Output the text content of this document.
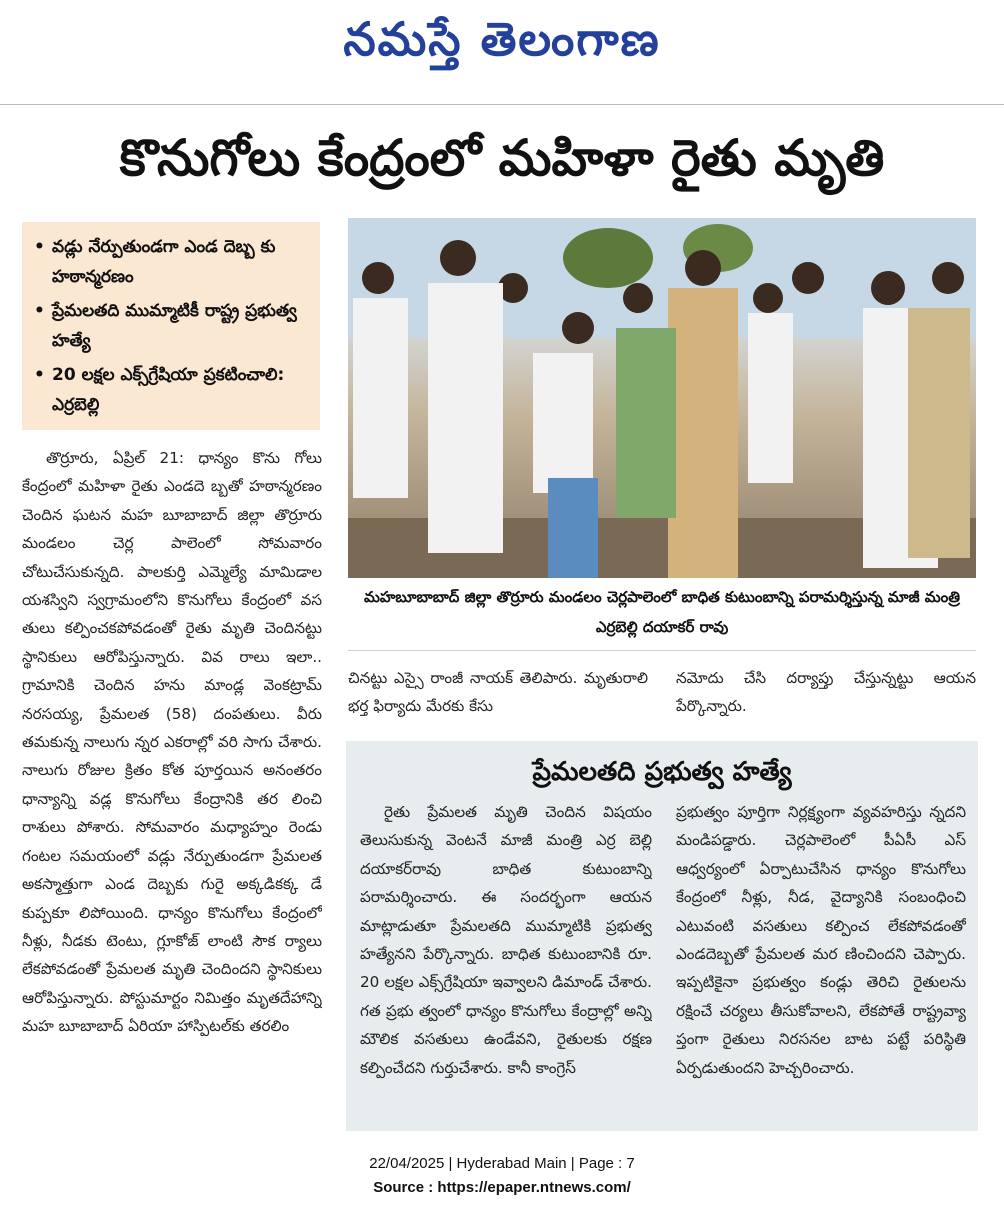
నమస్తే తెలంగాణ
కొనుగోలు కేంద్రంలో మహిళా రైతు మృతి
• వడ్లు నేర్పుతుండగా ఎండ దెబ్బ కు హఠాన్మరణం
• ప్రేమలతది ముమ్మాటికీ రాష్ట్ర ప్రభుత్వ హత్యే
• 20 లక్షల ఎక్స్‌గ్రేషియా ప్రకటించాలి: ఎర్రబెల్లి

తొర్రూరు, ఏప్రిల్ 21: ధాన్యం కొను గోలు కేంద్రంలో మహిళా రైతు ఎండదె బ్బతో హఠాన్మరణం చెందిన ఘటన మహ బూబాబాద్ జిల్లా తొర్రూరు మండలం చెర్ల పాలెంలో సోమవారం చోటుచేసుకున్నది. పాలకుర్తి ఎమ్మెల్యే మామిడాల యశస్విని స్వగ్రామంలోని కొనుగోలు కేంద్రంలో వస తులు కల్పించకపోవడంతో రైతు మృతి చెందినట్టు స్థానికులు ఆరోపిస్తున్నారు. వివ రాలు ఇలా.. గ్రామానికి చెందిన హను మాండ్ల వెంకట్రామ్ నరసయ్య, ప్రేమలత (58) దంపతులు. వీరు తమకున్న నాలుగు న్నర ఎకరాల్లో వరి సాగు చేశారు. నాలుగు రోజుల క్రితం కోత పూర్తయిన అనంతరం ధాన్యాన్ని వడ్ల కొనుగోలు కేంద్రానికి తర లించి రాశులు పోశారు. సోమవారం మధ్యాహ్నం రెండు గంటల సమయంలో వడ్లు నేర్పుతుండగా ప్రేమలత అకస్మాత్తుగా ఎండ దెబ్బకు గురై అక్కడికక్క డే కుప్పకూ లిపోయింది. ధాన్యం కొనుగోలు కేంద్రంలో నీళ్లు, నీడకు టెంటు, గ్లూకోజ్ లాంటి సౌక ర్యాలు లేకపోవడంతో ప్రేమలత మృతి చెందిందని స్థానికులు ఆరోపిస్తున్నారు. పోస్టుమార్టం నిమిత్తం మృతదేహాన్ని మహ బూబాబాద్ ఏరియా హాస్పిటల్‌కు తరలిం

మహబూబాబాద్ జిల్లా తొర్రూరు మండలం చెర్లపాలెంలో బాధిత కుటుంబాన్ని పరామర్శిస్తున్న మాజీ మంత్రి ఎర్రబెల్లి దయాకర్ రావు

చినట్టు ఎస్సై రాంజీ నాయక్ తెలిపారు. మృతురాలి భర్త ఫిర్యాదు మేరకు కేసు

నమోదు చేసి దర్యాప్తు చేస్తున్నట్టు ఆయన పేర్కొన్నారు.

ప్రేమలతది ప్రభుత్వ హత్యే

రైతు ప్రేమలత మృతి చెందిన విషయం తెలుసుకున్న వెంటనే మాజీ మంత్రి ఎర్ర బెల్లి దయాకర్‌రావు బాధిత కుటుంబాన్ని పరామర్శించారు. ఈ సందర్భంగా ఆయన మాట్లాడుతూ ప్రేమలతది ముమ్మాటికి ప్రభుత్వ హత్యేనని పేర్కొన్నారు. బాధిత కుటుంబానికి రూ. 20 లక్షల ఎక్స్‌గ్రేషియా ఇవ్వాలని డిమాండ్ చేశారు. గత ప్రభు త్వంలో ధాన్యం కొనుగోలు కేంద్రాల్లో అన్ని మౌలిక వసతులు ఉండేవని, రైతులకు రక్షణ కల్పించేదని గుర్తుచేశారు. కానీ కాంగ్రెస్

ప్రభుత్వం పూర్తిగా నిర్లక్ష్యంగా వ్యవహరిస్తు న్నదని మండిపడ్డారు. చెర్లపాలెంలో పీఏసీ ఎస్ ఆధ్వర్యంలో ఏర్పాటుచేసిన ధాన్యం కొనుగోలు కేంద్రంలో నీళ్లు, నీడ, వైద్యానికి సంబంధించి ఎటువంటి వసతులు కల్పించ లేకపోవడంతో ఎండదెబ్బతో ప్రేమలత మర ణించిందని చెప్పారు. ఇప్పటికైనా ప్రభుత్వం కండ్లు తెరిచి రైతులను రక్షించే చర్యలు తీసుకోవాలని, లేకపోతే రాష్ట్రవ్యా ప్తంగా రైతులు నిరసనల బాట పట్టే పరిస్థితి ఏర్పడుతుందని హెచ్చరించారు.

22/04/2025 | Hyderabad Main | Page : 7
Source : https://epaper.ntnews.com/
